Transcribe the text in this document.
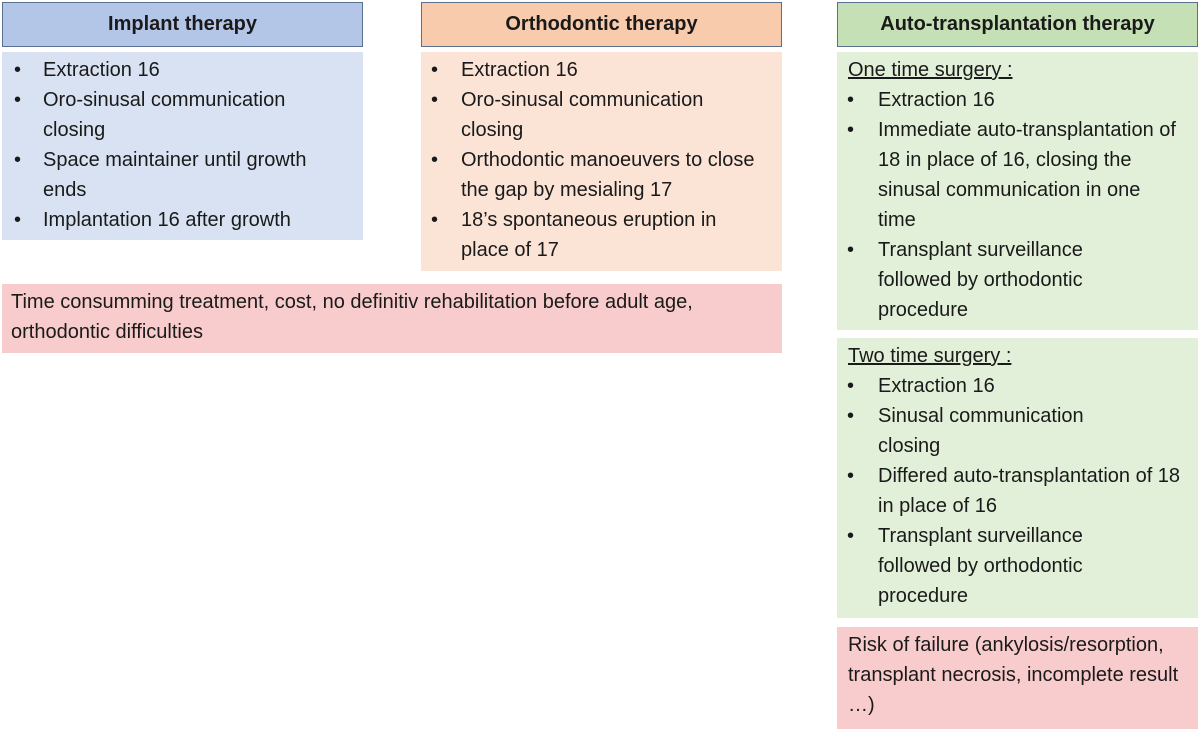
Implant therapy	Orthodontic therapy	Auto-transplantation therapy
• Extraction 16
• Oro-sinusal communication closing
• Space maintainer until growth ends
• Implantation 16 after growth
• Extraction 16
• Oro-sinusal communication closing
• Orthodontic manoeuvers to close the gap by mesialing 17
• 18’s spontaneous eruption in place of 17
Time consumming treatment, cost, no definitiv rehabilitation before adult age, orthodontic difficulties
One time surgery :
• Extraction 16
• Immediate auto-transplantation of 18 in place of 16, closing the sinusal communication in one time
• Transplant surveillance followed by orthodontic procedure
Two time surgery :
• Extraction 16
• Sinusal communication closing
• Differed auto-transplantation of 18 in place of 16
• Transplant surveillance followed by orthodontic procedure
Risk of failure (ankylosis/resorption, transplant necrosis, incomplete result …)
